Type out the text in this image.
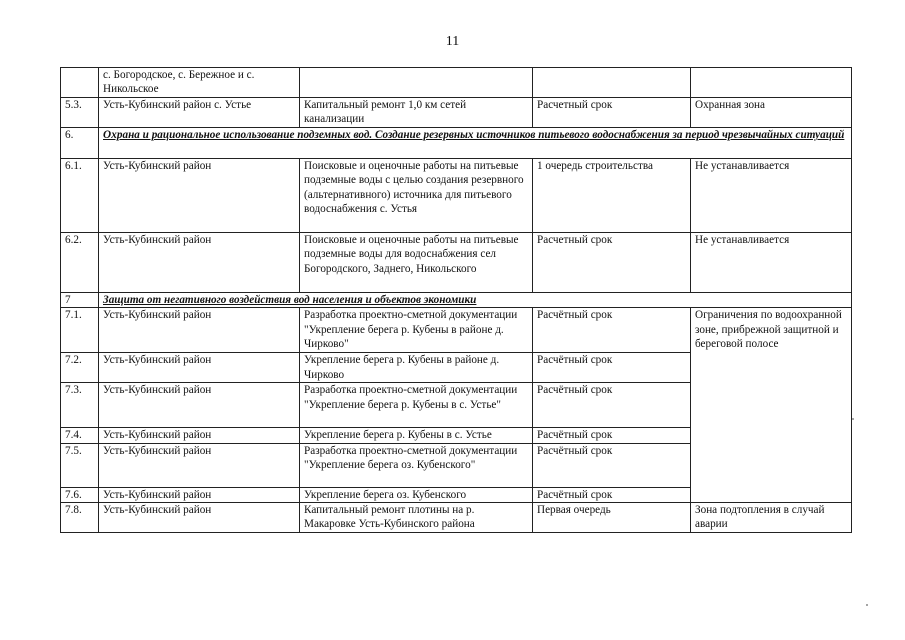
11
	с. Богородское, с. Бережное и с. Никольское			
5.3.	Усть-Кубинский район с. Устье	Капитальный ремонт 1,0 км сетей канализации	Расчетный срок	Охранная зона
6.	Охрана и рациональное использование подземных вод. Создание резервных источников питьевого водоснабжения за период чрезвычайных ситуаций			
6.1.	Усть-Кубинский район	Поисковые и оценочные работы на питьевые подземные воды с целью создания резервного (альтернативного) источника для питьевого водоснабжения с. Устья	1 очередь строительства	Не устанавливается
6.2.	Усть-Кубинский район	Поисковые и оценочные работы на питьевые подземные воды для водоснабжения сел Богородского, Заднего, Никольского	Расчетный срок	Не устанавливается
7	Защита от негативного воздействия вод населения и объектов экономики			
7.1.	Усть-Кубинский район	Разработка проектно-сметной документации "Укрепление берега р. Кубены в районе д. Чирково"	Расчётный срок	Ограничения по водоохранной зоне, прибрежной защитной и береговой полосе
7.2.	Усть-Кубинский район	Укрепление берега р. Кубены в районе д. Чирково	Расчётный срок	
7.3.	Усть-Кубинский район	Разработка проектно-сметной документации "Укрепление берега р. Кубены в с. Устье"	Расчётный срок	
7.4.	Усть-Кубинский район	Укрепление берега р. Кубены в с. Устье	Расчётный срок	
7.5.	Усть-Кубинский район	Разработка проектно-сметной документации "Укрепление берега оз. Кубенского"	Расчётный срок	
7.6.	Усть-Кубинский район	Укрепление берега оз. Кубенского	Расчётный срок	
7.8.	Усть-Кубинский район	Капитальный ремонт плотины на р. Макаровке Усть-Кубинского района	Первая очередь	Зона подтопления в случай аварии
